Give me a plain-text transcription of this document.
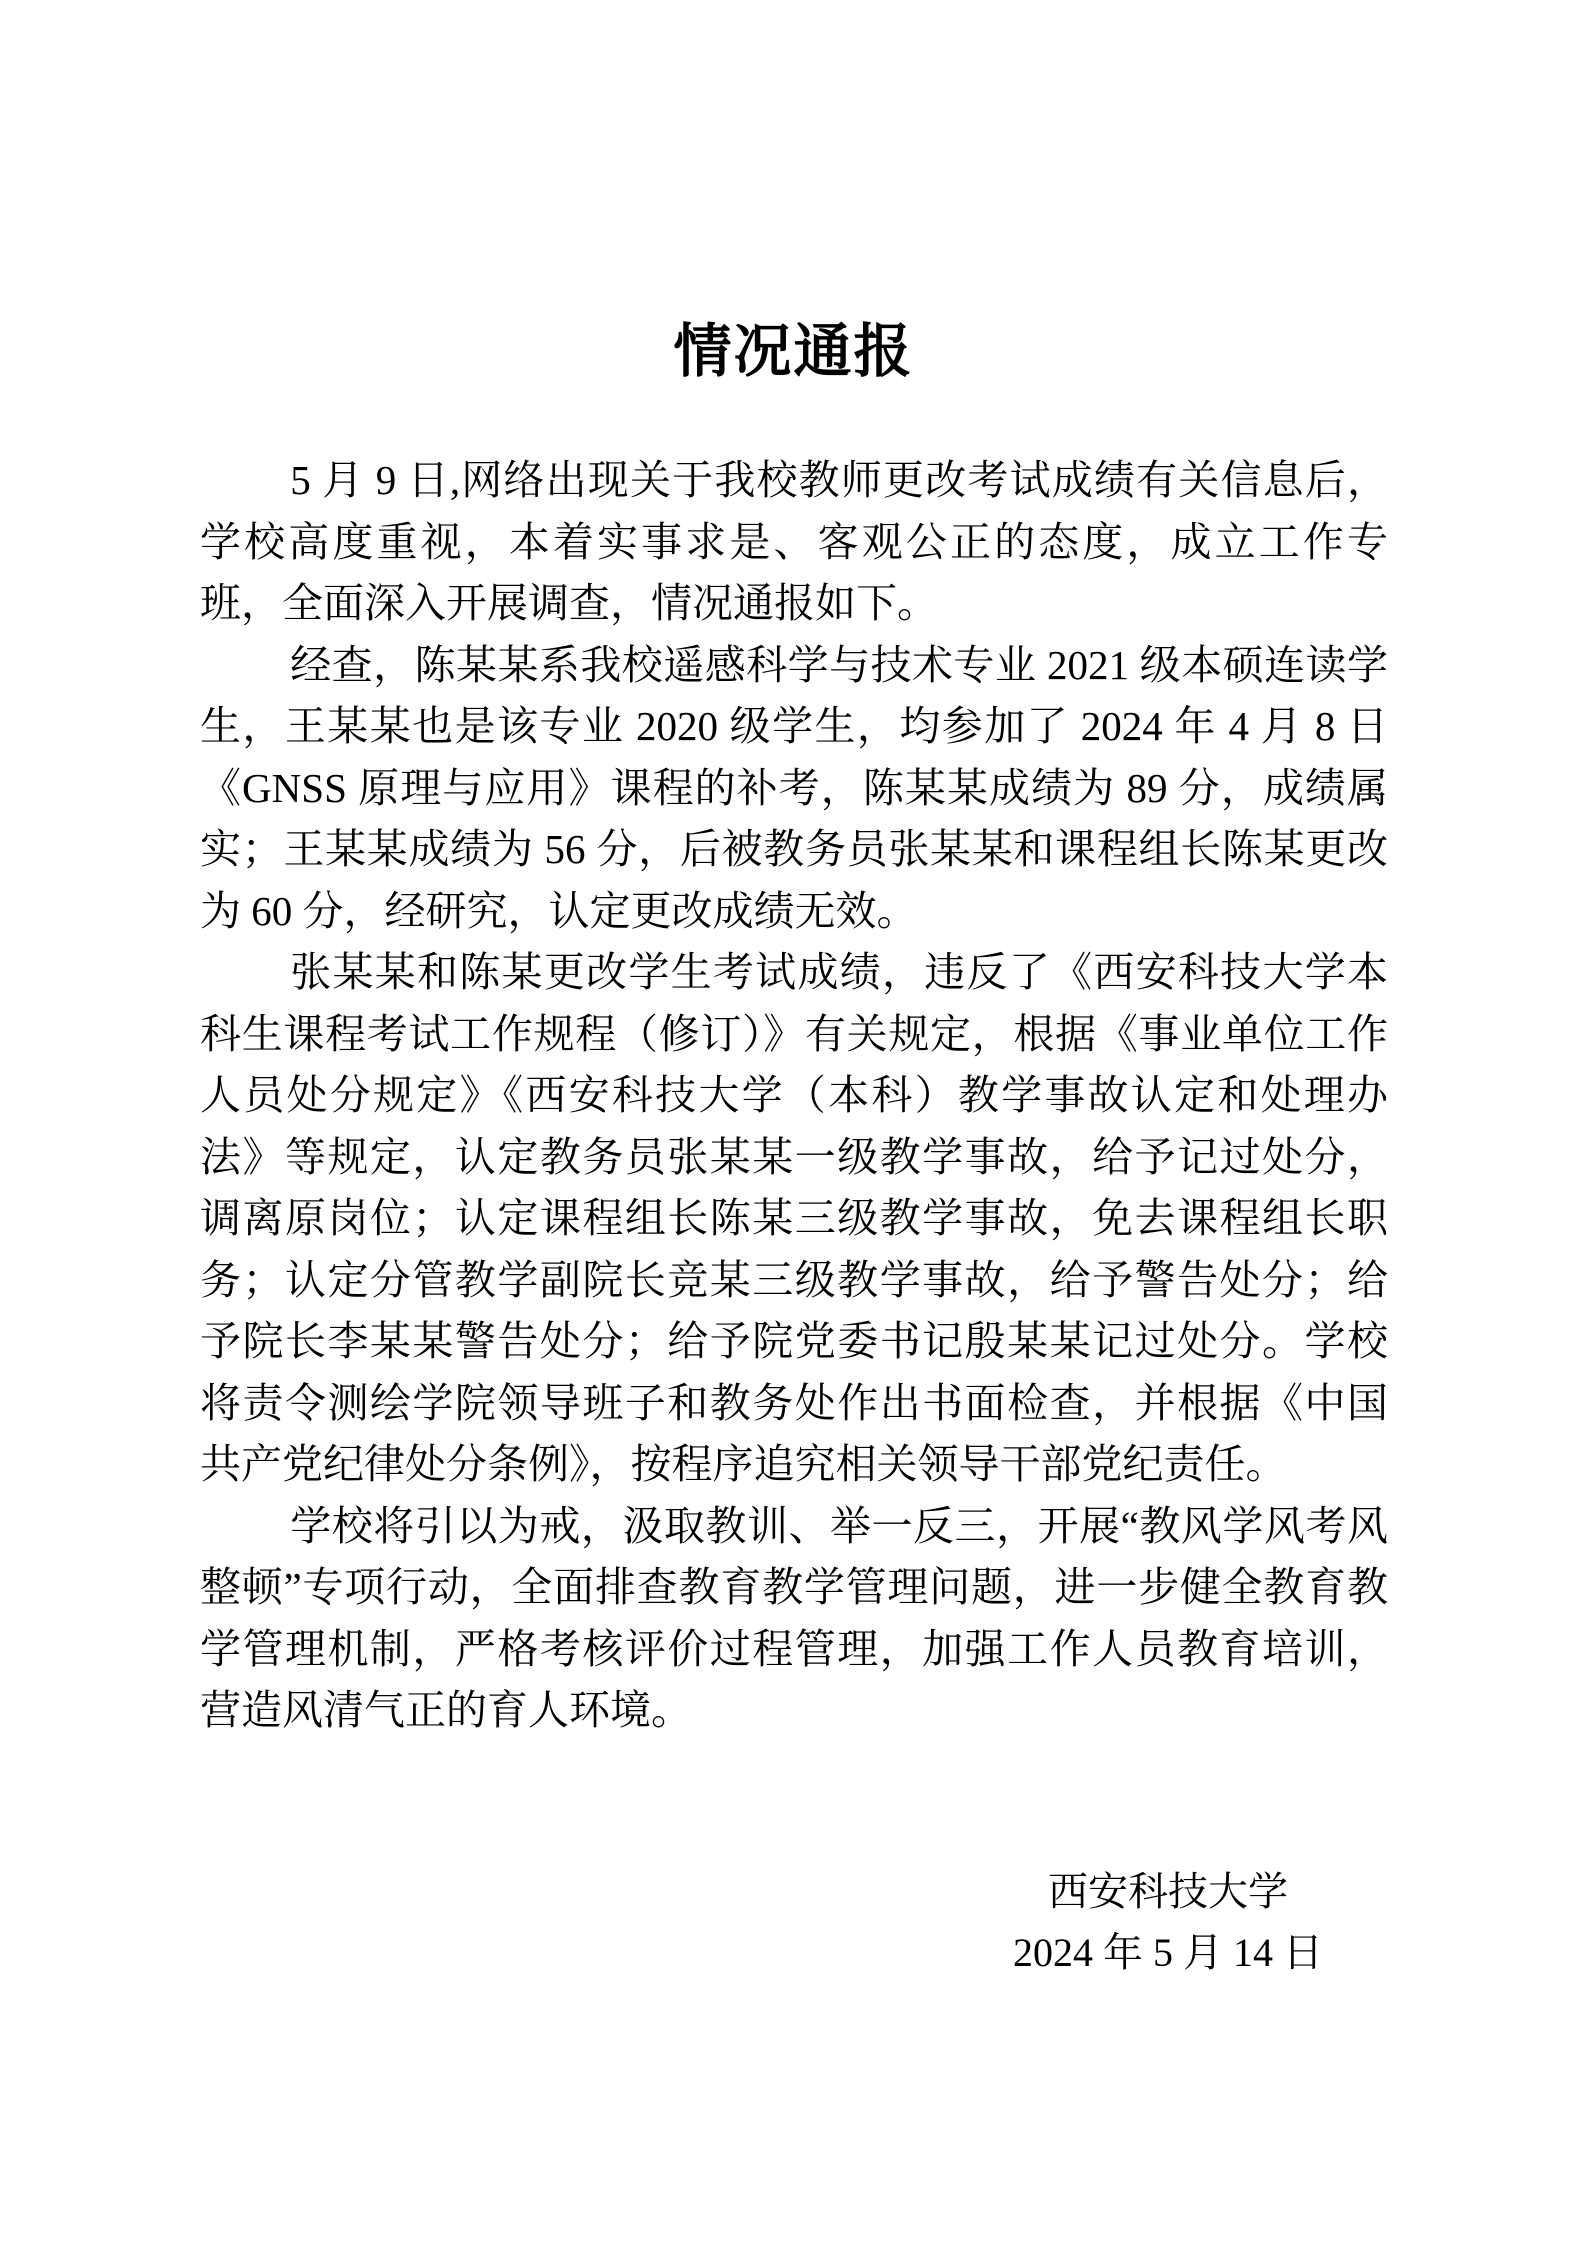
情况通报

5 月 9 日,网络出现关于我校教师更改考试成绩有关信息后，学校高度重视，本着实事求是、客观公正的态度，成立工作专班，全面深入开展调查，情况通报如下。

经查，陈某某系我校遥感科学与技术专业 2021 级本硕连读学生，王某某也是该专业 2020 级学生，均参加了 2024 年 4 月 8 日《GNSS 原理与应用》课程的补考，陈某某成绩为 89 分，成绩属实；王某某成绩为 56 分，后被教务员张某某和课程组长陈某更改为 60 分，经研究，认定更改成绩无效。

张某某和陈某更改学生考试成绩，违反了《西安科技大学本科生课程考试工作规程（修订）》有关规定，根据《事业单位工作人员处分规定》《西安科技大学（本科）教学事故认定和处理办法》等规定，认定教务员张某某一级教学事故，给予记过处分，调离原岗位；认定课程组长陈某三级教学事故，免去课程组长职务；认定分管教学副院长竞某三级教学事故，给予警告处分；给予院长李某某警告处分；给予院党委书记殷某某记过处分。学校将责令测绘学院领导班子和教务处作出书面检查，并根据《中国共产党纪律处分条例》，按程序追究相关领导干部党纪责任。

学校将引以为戒，汲取教训、举一反三，开展“教风学风考风整顿”专项行动，全面排查教育教学管理问题，进一步健全教育教学管理机制，严格考核评价过程管理，加强工作人员教育培训，营造风清气正的育人环境。

西安科技大学
2024 年 5 月 14 日
